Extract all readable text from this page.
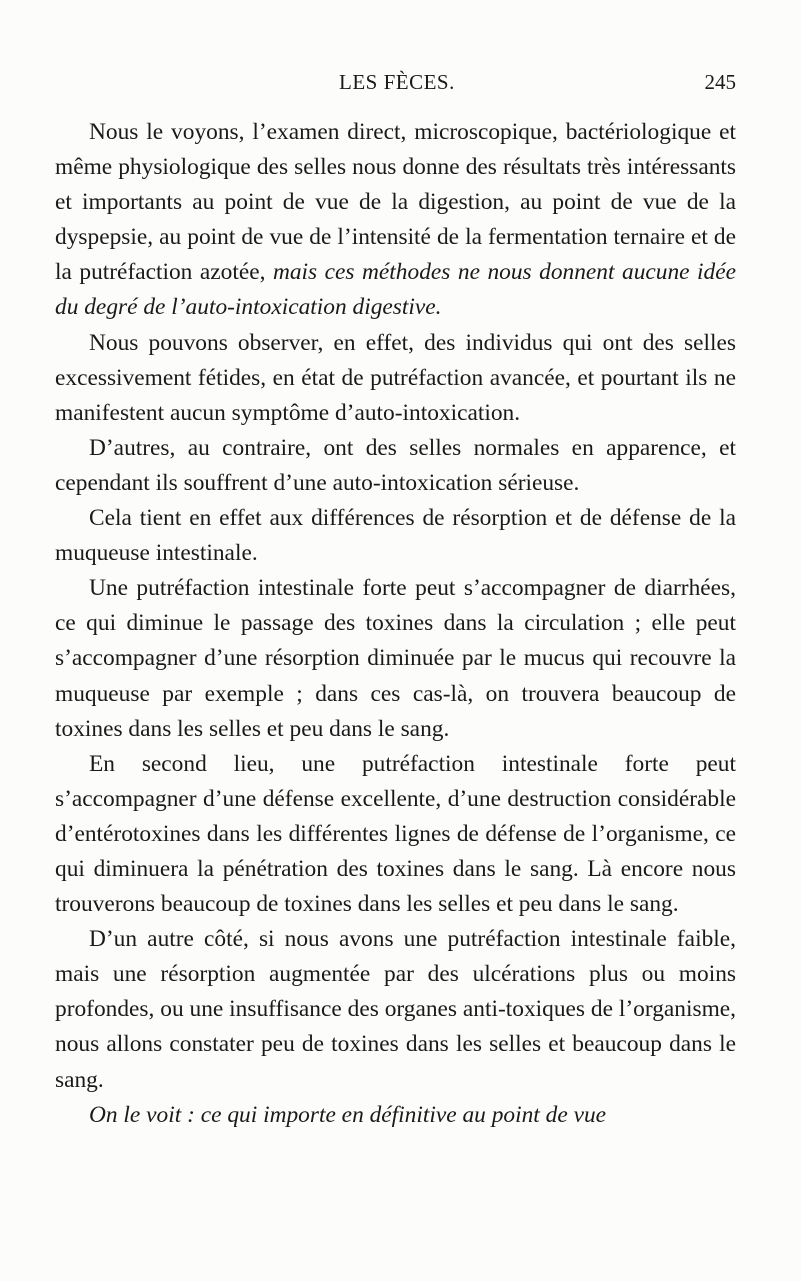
LES FÈCES.	245

Nous le voyons, l’examen direct, microscopique, bactériologique et même physiologique des selles nous donne des résultats très intéressants et importants au point de vue de la digestion, au point de vue de la dyspepsie, au point de vue de l’intensité de la fermentation ternaire et de la putréfaction azotée, mais ces méthodes ne nous donnent aucune idée du degré de l’auto-intoxication digestive.

Nous pouvons observer, en effet, des individus qui ont des selles excessivement fétides, en état de putréfaction avancée, et pourtant ils ne manifestent aucun symptôme d’auto-intoxication.

D’autres, au contraire, ont des selles normales en apparence, et cependant ils souffrent d’une auto-intoxication sérieuse.

Cela tient en effet aux différences de résorption et de défense de la muqueuse intestinale.

Une putréfaction intestinale forte peut s’accompagner de diarrhées, ce qui diminue le passage des toxines dans la circulation ; elle peut s’accompagner d’une résorption diminuée par le mucus qui recouvre la muqueuse par exemple ; dans ces cas-là, on trouvera beaucoup de toxines dans les selles et peu dans le sang.

En second lieu, une putréfaction intestinale forte peut s’accompagner d’une défense excellente, d’une destruction considérable d’entérotoxines dans les différentes lignes de défense de l’organisme, ce qui diminuera la pénétration des toxines dans le sang. Là encore nous trouverons beaucoup de toxines dans les selles et peu dans le sang.

D’un autre côté, si nous avons une putréfaction intestinale faible, mais une résorption augmentée par des ulcérations plus ou moins profondes, ou une insuffisance des organes anti-toxiques de l’organisme, nous allons constater peu de toxines dans les selles et beaucoup dans le sang.

On le voit : ce qui importe en définitive au point de vue
